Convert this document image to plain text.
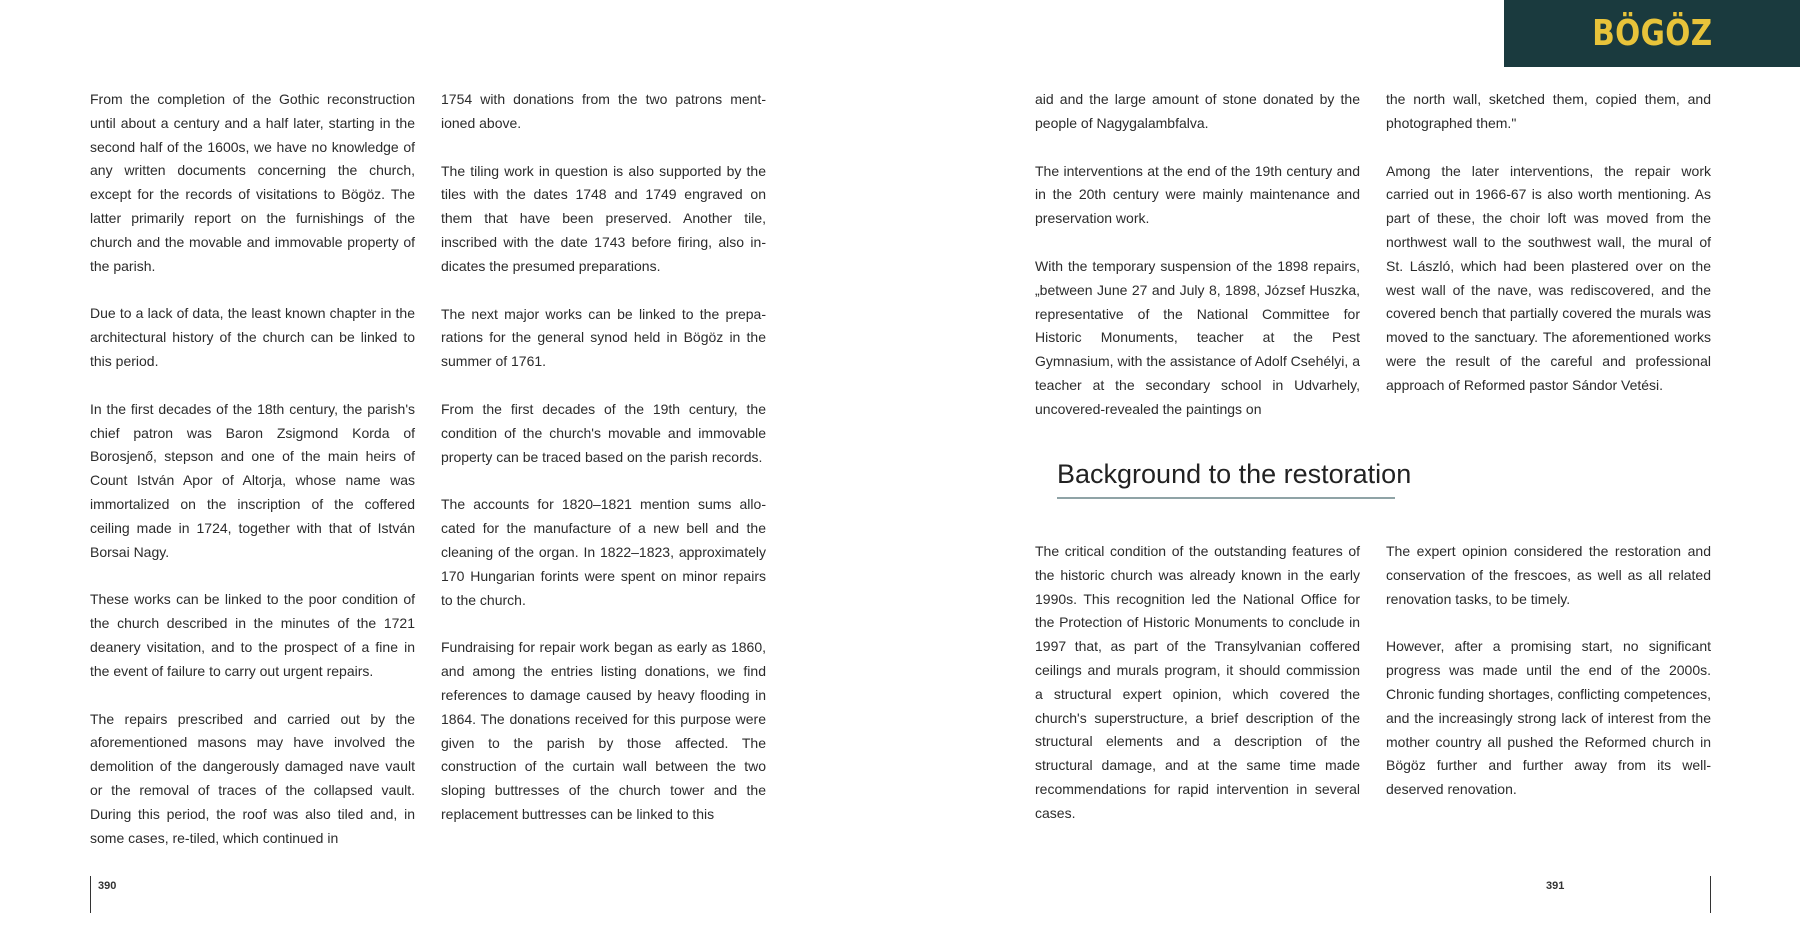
From the completion of the Gothic reconstruction until about a century and a half later, starting in the second half of the 1600s, we have no knowledge of any written documents concerning the church, except for the records of visitations to Bögöz. The latter primarily report on the furnishings of the church and the movable and immovable property of the parish.

Due to a lack of data, the least known chapter in the architectural history of the church can be linked to this period.

In the first decades of the 18th century, the parish's chief patron was Baron Zsigmond Korda of Borosjenő, stepson and one of the main heirs of Count István Apor of Altorja, whose name was immortalized on the inscription of the coffered ceiling made in 1724, together with that of István Borsai Nagy.

These works can be linked to the poor condition of the church described in the minutes of the 1721 deanery visitation, and to the prospect of a fine in the event of failure to carry out urgent repairs.

The repairs prescribed and carried out by the aforementioned masons may have involved the demolition of the dangerously damaged nave vault or the removal of traces of the collapsed vault. During this period, the roof was also tiled and, in some cases, re-tiled, which continued in

1754 with donations from the two patrons mentioned above.

The tiling work in question is also supported by the tiles with the dates 1748 and 1749 engraved on them that have been preserved. Another tile, inscribed with the date 1743 before firing, also indicates the presumed preparations.

The next major works can be linked to the preparations for the general synod held in Bögöz in the summer of 1761.

From the first decades of the 19th century, the condition of the church's movable and immovable property can be traced based on the parish records.

The accounts for 1820–1821 mention sums allocated for the manufacture of a new bell and the cleaning of the organ. In 1822–1823, approximately 170 Hungarian forints were spent on minor repairs to the church.

Fundraising for repair work began as early as 1860, and among the entries listing donations, we find references to damage caused by heavy flooding in 1864. The donations received for this purpose were given to the parish by those affected. The construction of the curtain wall between the two sloping buttresses of the church tower and the replacement buttresses can be linked to this

390
BÖGÖZ

aid and the large amount of stone donated by the people of Nagygalambfalva.

The interventions at the end of the 19th century and in the 20th century were mainly maintenance and preservation work.

With the temporary suspension of the 1898 repairs, „between June 27 and July 8, 1898, József Huszka, representative of the National Committee for Historic Monuments, teacher at the Pest Gymnasium, with the assistance of Adolf Csehélyi, a teacher at the secondary school in Udvarhely, uncovered-revealed the paintings on

the north wall, sketched them, copied them, and photographed them."

Among the later interventions, the repair work carried out in 1966-67 is also worth mentioning. As part of these, the choir loft was moved from the northwest wall to the southwest wall, the mural of St. László, which had been plastered over on the west wall of the nave, was rediscovered, and the covered bench that partially covered the murals was moved to the sanctuary. The aforementioned works were the result of the careful and professional approach of Reformed pastor Sándor Vetési.

Background to the restoration

The critical condition of the outstanding features of the historic church was already known in the early 1990s. This recognition led the National Office for the Protection of Historic Monuments to conclude in 1997 that, as part of the Transylvanian coffered ceilings and murals program, it should commission a structural expert opinion, which covered the church's superstructure, a brief description of the structural elements and a description of the structural damage, and at the same time made recommendations for rapid intervention in several cases.

The expert opinion considered the restoration and conservation of the frescoes, as well as all related renovation tasks, to be timely.

However, after a promising start, no significant progress was made until the end of the 2000s. Chronic funding shortages, conflicting competences, and the increasingly strong lack of interest from the mother country all pushed the Reformed church in Bögöz further and further away from its well-deserved renovation.

391
